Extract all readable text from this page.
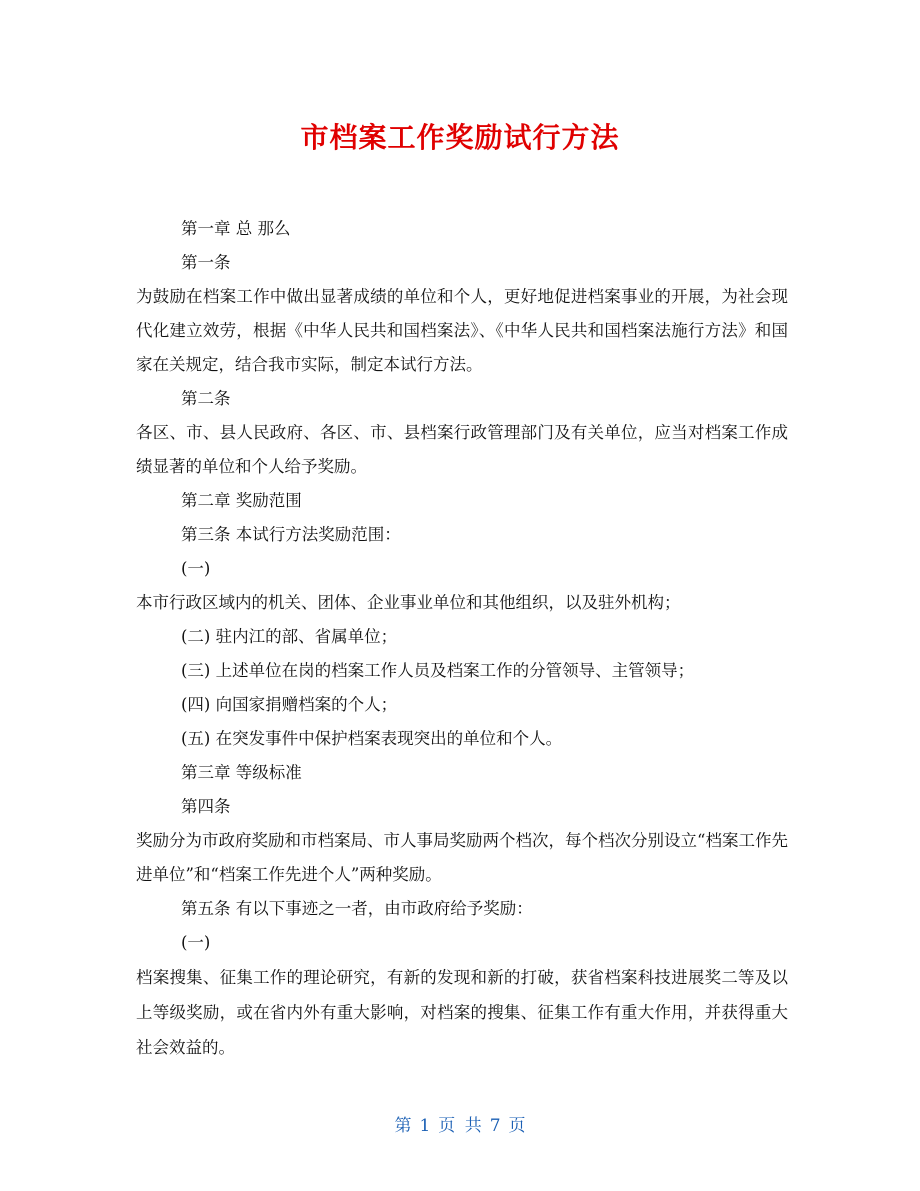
市档案工作奖励试行方法

第一章 总 那么

第一条

为鼓励在档案工作中做出显著成绩的单位和个人，更好地促进档案事业的开展，为社会现代化建立效劳，根据《中华人民共和国档案法》、《中华人民共和国档案法施行方法》和国家在关规定，结合我市实际，制定本试行方法。

第二条

各区、市、县人民政府、各区、市、县档案行政管理部门及有关单位，应当对档案工作成绩显著的单位和个人给予奖励。

第二章 奖励范围

第三条 本试行方法奖励范围：

(一)

本市行政区域内的机关、团体、企业事业单位和其他组织，以及驻外机构；

(二) 驻内江的部、省属单位；

(三) 上述单位在岗的档案工作人员及档案工作的分管领导、主管领导；

(四) 向国家捐赠档案的个人；

(五) 在突发事件中保护档案表现突出的单位和个人。

第三章 等级标准

第四条

奖励分为市政府奖励和市档案局、市人事局奖励两个档次，每个档次分别设立“档案工作先进单位”和“档案工作先进个人”两种奖励。

第五条 有以下事迹之一者，由市政府给予奖励：

(一)

档案搜集、征集工作的理论研究，有新的发现和新的打破，获省档案科技进展奖二等及以上等级奖励，或在省内外有重大影响，对档案的搜集、征集工作有重大作用，并获得重大社会效益的。

第 1 页 共 7 页
